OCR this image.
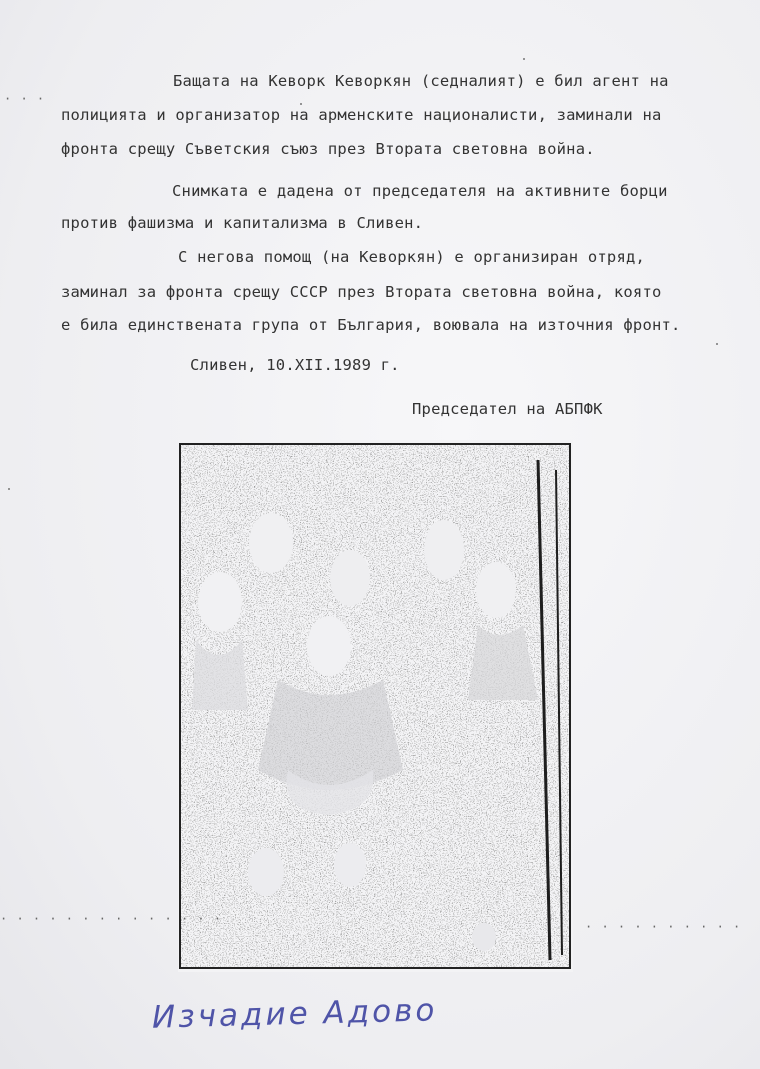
· · ·
Бащата на Кеворк Кеворкян (седналият) е бил агент на
полицията и организатор на арменските националисти, заминали на
фронта срещу Съветския съюз през Втората световна война.
Снимката е дадена от председателя на активните борци
против фашизма и капитализма в Сливен.
С негова помощ (на Кеворкян) е организиран отряд,
заминал за фронта срещу СССР през Втората световна война, която
е била единствената група от България, воювала на източния фронт.
Сливен, 10.XII.1989 г.
Председател на АБПФК
· · · · · · · · · · · · · ·
· · · · · · · · · ·
Изчадие Адово
